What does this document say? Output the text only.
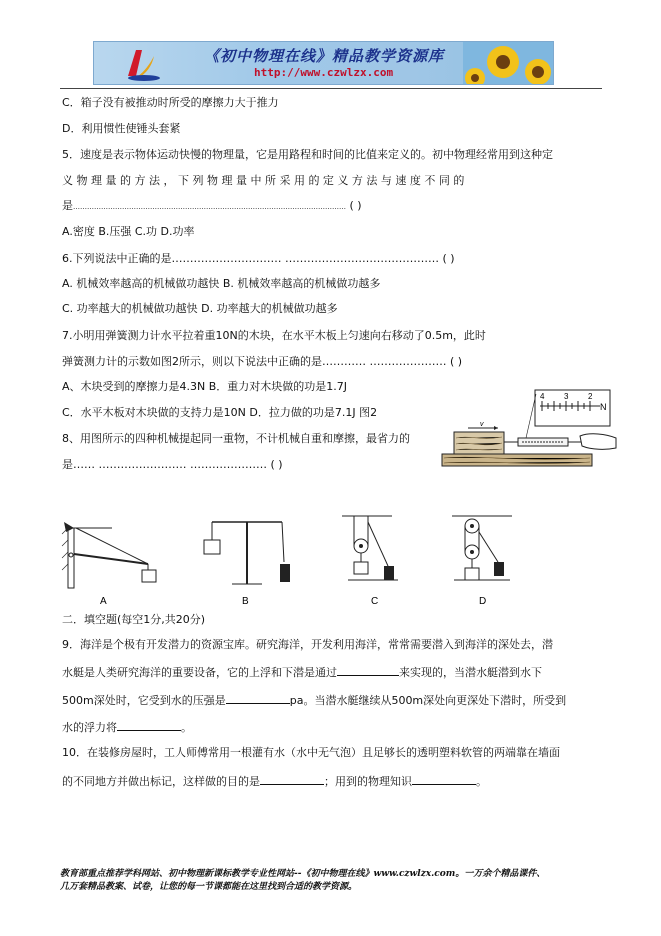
《初中物理在线》精品教学资源库
http://www.czwlzx.com
C．箱子没有被推动时所受的摩擦力大于推力
D．利用惯性使锤头套紧
5．速度是表示物体运动快慢的物理量，它是用路程和时间的比值来定义的。初中物理经常用到这种定
义 物 理 量 的 方 法 ， 下 列 物 理 量 中 所 采 用 的 定 义 方 法 与 速 度 不 同 的
是……………………………………………………………………………………………………… ( )
A.密度 B.压强 C.功 D.功率
6.下列说法中正确的是………………………… …………………………………… ( )
A. 机械效率越高的机械做功越快 B. 机械效率越高的机械做功越多
C. 功率越大的机械做功越快 D. 功率越大的机械做功越多
7.小明用弹簧测力计水平拉着重10N的木块，在水平木板上匀速向右移动了0.5m，此时
弹簧测力计的示数如图2所示，则以下说法中正确的是………… ………………… ( )
A、木块受到的摩擦力是4.3N B．重力对木块做的功是1.7J
C．水平木板对木块做的支持力是10N D．拉力做的功是7.1J 图2
8、用图所示的四种机械提起同一重物，不计机械自重和摩擦，最省力的
是…… …………………… ………………… ( )
4 3 2
N
v
A	B	C	D
二．填空题(每空1分,共20分)
9．海洋是个极有开发潜力的资源宝库。研究海洋，开发利用海洋，常常需要潜入到海洋的深处去，潜
水艇是人类研究海洋的重要设备，它的上浮和下潜是通过	来实现的，当潜水艇潜到水下
500m深处时，它受到水的压强是	pa。当潜水艇继续从500m深处向更深处下潜时，所受到
水的浮力将	。
10．在装修房屋时，工人师傅常用一根灌有水（水中无气泡）且足够长的透明塑料软管的两端靠在墙面
的不同地方并做出标记，这样做的目的是	；用到的物理知识	。
教育部重点推荐学科网站、初中物理新课标教学专业性网站--《初中物理在线》www.czwlzx.com。一万余个精品课件、
几万套精品教案、试卷，让您的每一节课都能在这里找到合适的教学资源。
